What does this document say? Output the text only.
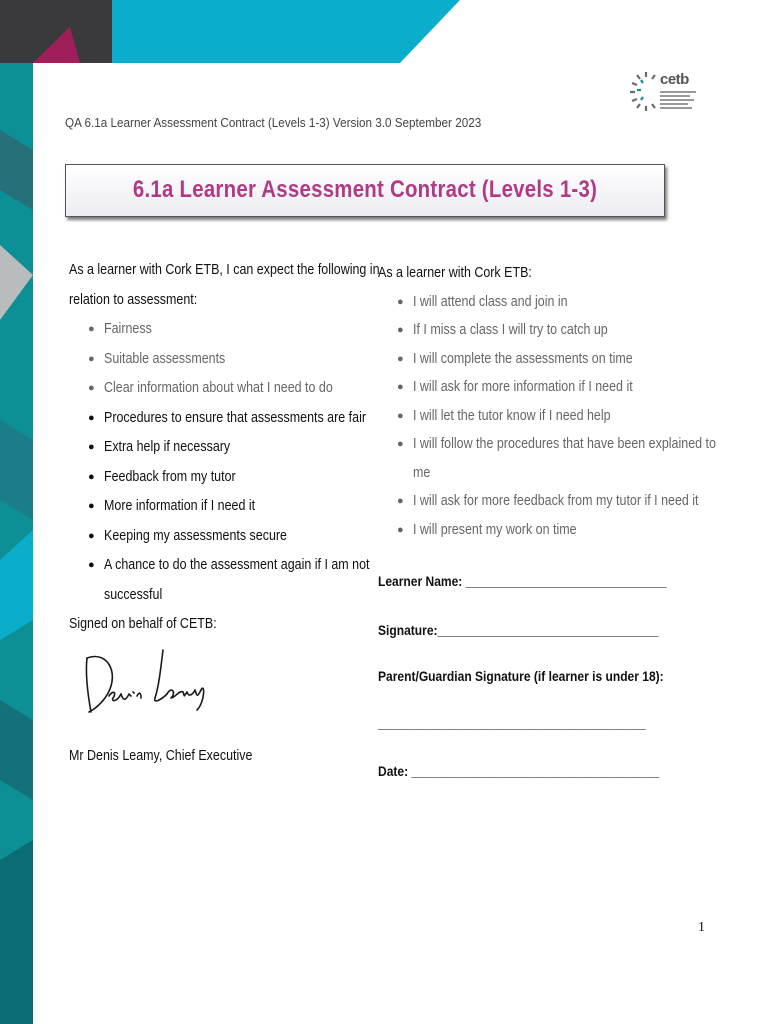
cetb
QA 6.1a Learner Assessment Contract (Levels 1-3) Version 3.0 September 2023
6.1a Learner Assessment Contract (Levels 1-3)
As a learner with Cork ETB, I can expect the following in
relation to assessment:
● Fairness
● Suitable assessments
● Clear information about what I need to do
● Procedures to ensure that assessments are fair
● Extra help if necessary
● Feedback from my tutor
● More information if I need it
● Keeping my assessments secure
● A chance to do the assessment again if I am not
successful
Signed on behalf of CETB:
Mr Denis Leamy, Chief Executive
As a learner with Cork ETB:
● I will attend class and join in
● If I miss a class I will try to catch up
● I will complete the assessments on time
● I will ask for more information if I need it
● I will let the tutor know if I need help
● I will follow the procedures that have been explained to
me
● I will ask for more feedback from my tutor if I need it
● I will present my work on time
Learner Name: ______________________________
Signature:_________________________________
Parent/Guardian Signature (if learner is under 18):
________________________________________
Date: _____________________________________
1
